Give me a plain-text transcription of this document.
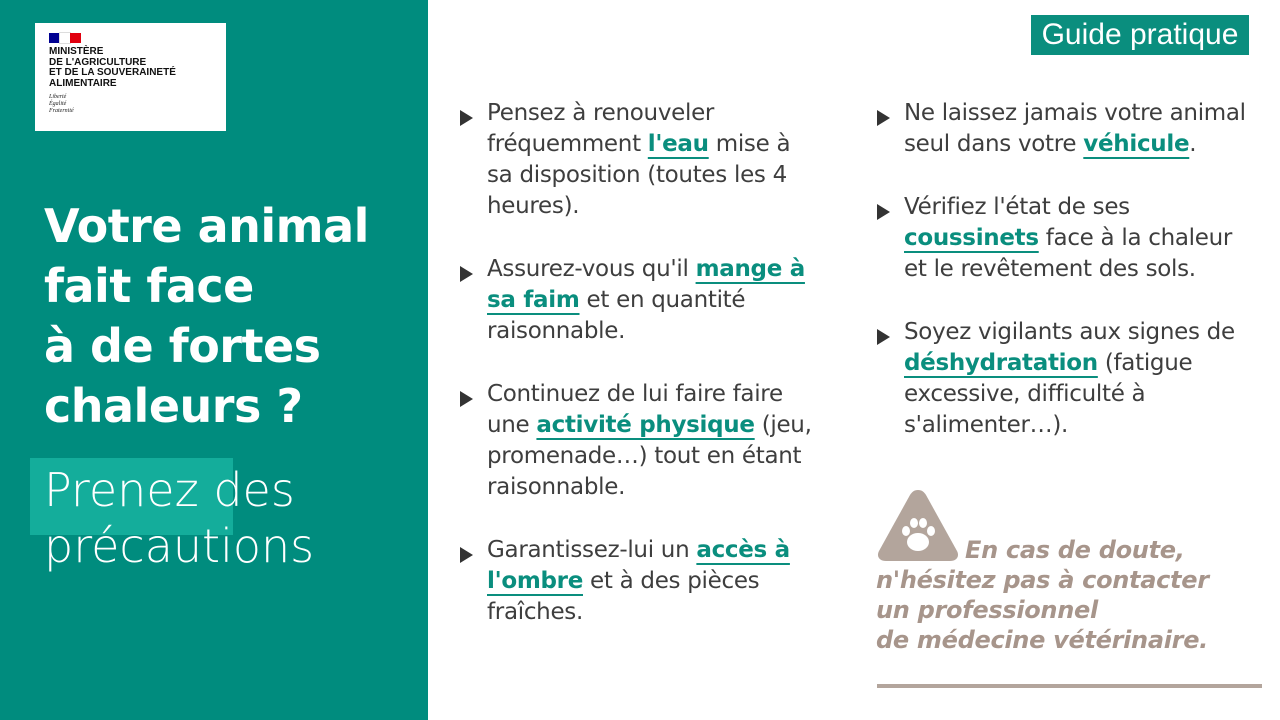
MINISTÈRE
DE L'AGRICULTURE
ET DE LA SOUVERAINETÉ
ALIMENTAIRE
Liberté
Égalité
Fraternité
Votre animal
fait face
à de fortes
chaleurs ?
Prenez des précautions
Guide pratique
Pensez à renouveler fréquemment l'eau mise à sa disposition (toutes les 4 heures).
Assurez-vous qu'il mange à sa faim et en quantité raisonnable.
Continuez de lui faire faire une activité physique (jeu, promenade…) tout en étant raisonnable.
Garantissez-lui un accès à l'ombre et à des pièces fraîches.
Ne laissez jamais votre animal seul dans votre véhicule.
Vérifiez l'état de ses coussinets face à la chaleur et le revêtement des sols.
Soyez vigilants aux signes de déshydratation (fatigue excessive, difficulté à s'alimenter…).
En cas de doute,
n'hésitez pas à contacter
un professionnel
de médecine vétérinaire.
